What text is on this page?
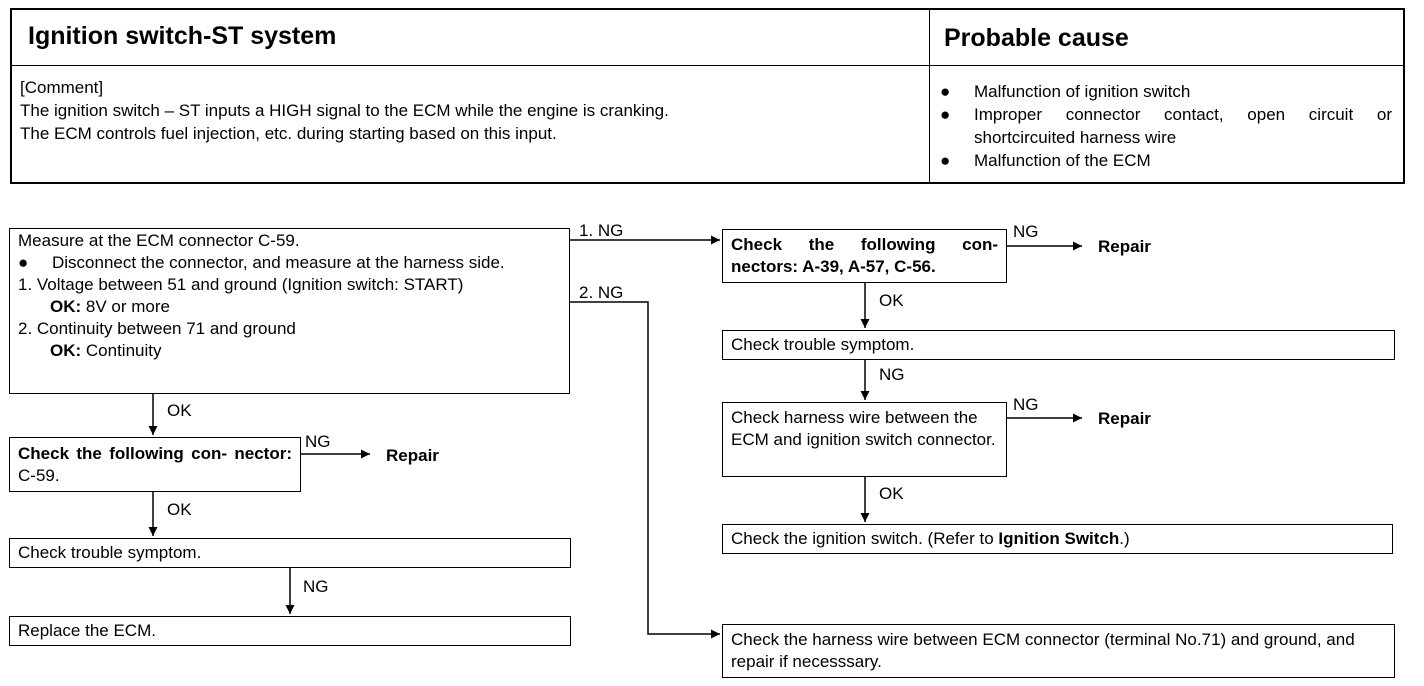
Ignition switch-ST system	Probable cause
[Comment]
The ignition switch – ST inputs a HIGH signal to the ECM while the engine is cranking.
The ECM controls fuel injection, etc. during starting based on this input.
●	Malfunction of ignition switch
●	Improper connector contact, open circuit or shortcircuited harness wire
●	Malfunction of the ECM
Measure at the ECM connector C-59.
●	Disconnect the connector, and measure at the harness side.
1. Voltage between 51 and ground (Ignition switch: START)
OK: 8V or more
2. Continuity between 71 and ground
OK: Continuity
Check the following con- nector: C-59.
Check trouble symptom.
Replace the ECM.
Check the following con- nectors: A-39, A-57, C-56.
Check trouble symptom.
Check harness wire between the ECM and ignition switch connector.
Check the ignition switch. (Refer to Ignition Switch.)
Check the harness wire between ECM connector (terminal No.71) and ground, and repair if necesssary.
1. NG
2. NG
OK
NG
Repair
OK
NG
NG
Repair
OK
NG
NG
Repair
OK
